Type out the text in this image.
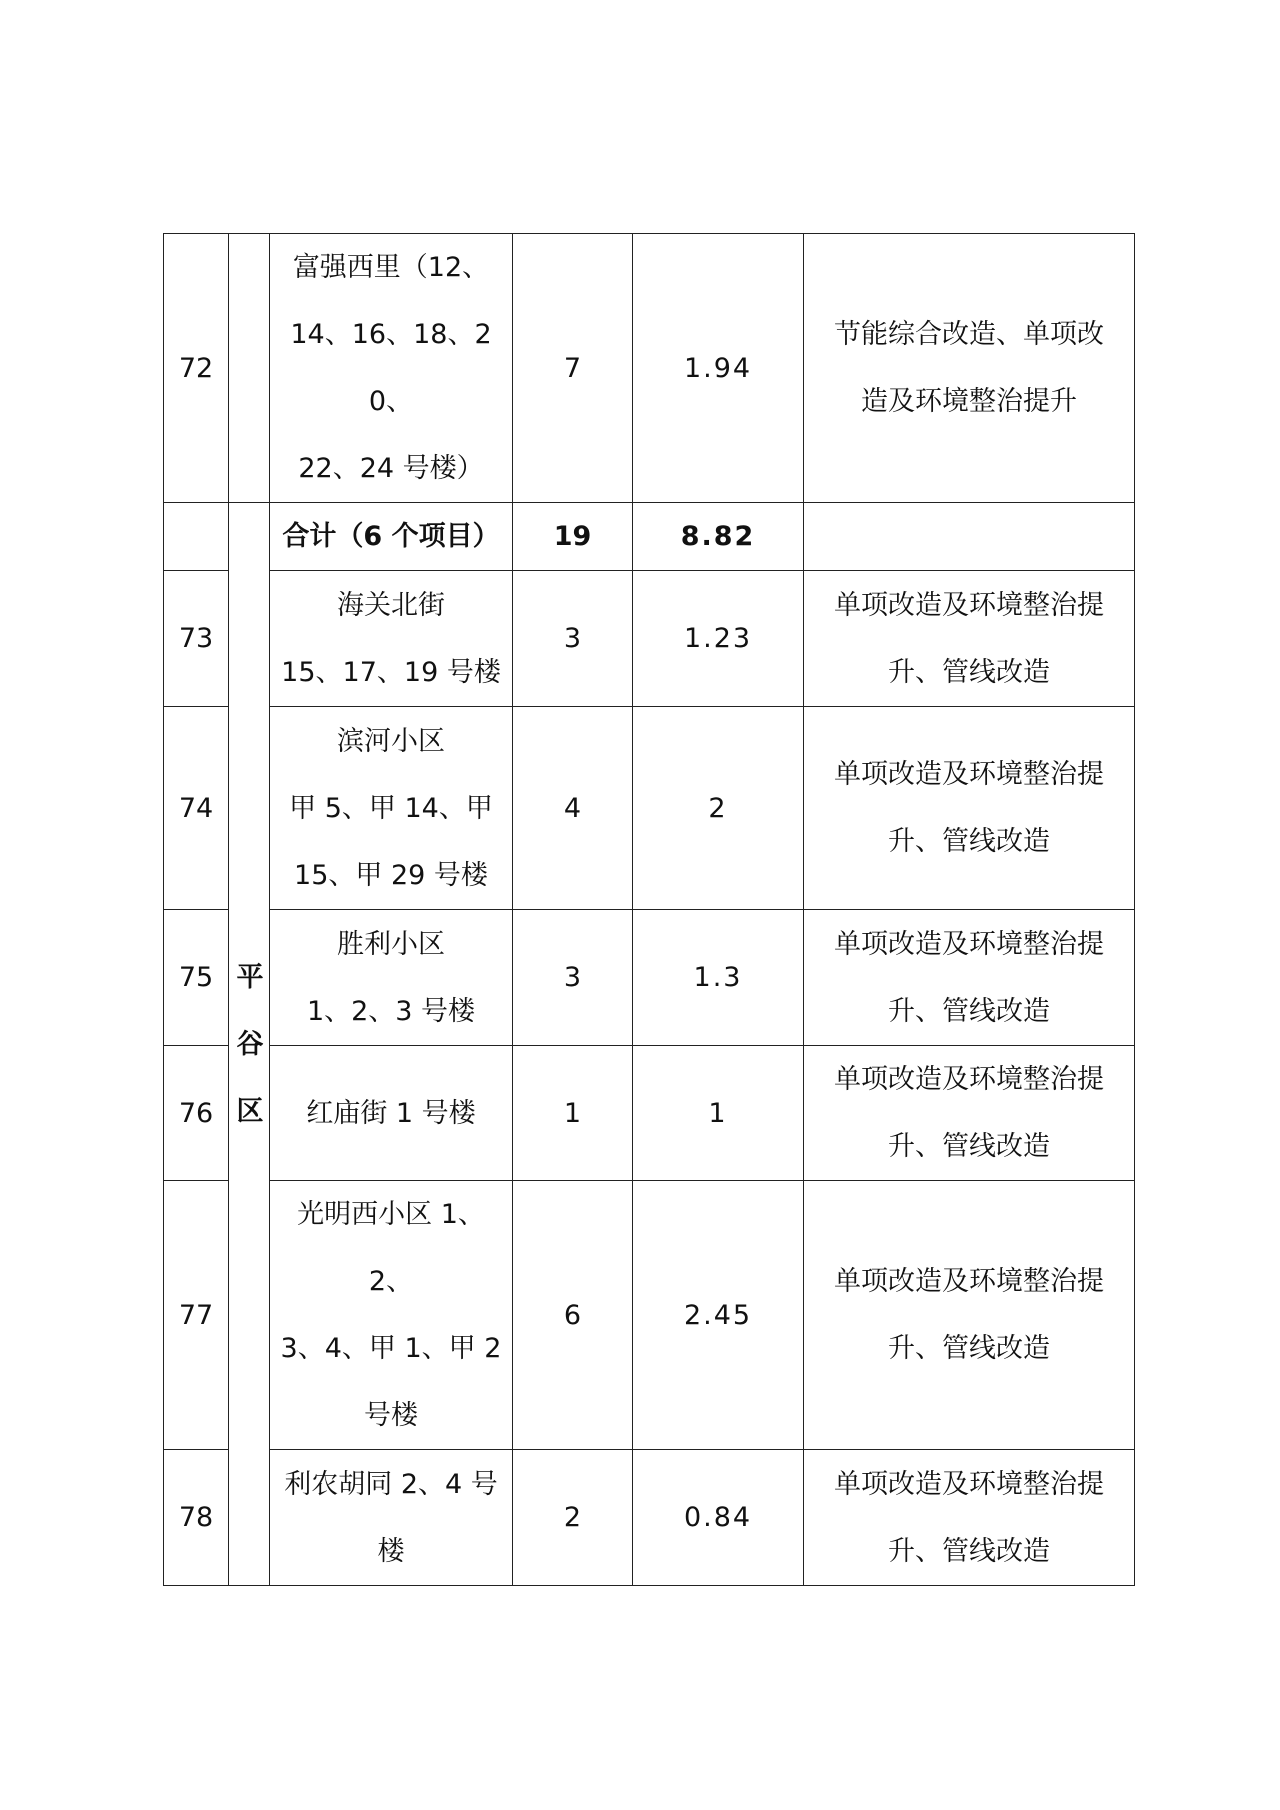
72		富强西里（12、
14、16、18、20、
22、24 号楼）	7	1.94	节能综合改造、单项改
造及环境整治提升

	平谷区	合计（6 个项目）	19	8.82	
73		海关北街
15、17、19 号楼	3	1.23	单项改造及环境整治提
升、管线改造

74		滨河小区
甲 5、甲 14、甲
15、甲 29 号楼	4	2	单项改造及环境整治提
升、管线改造

75		胜利小区
1、2、3 号楼	3	1.3	单项改造及环境整治提
升、管线改造

76		红庙街 1 号楼	1	1	单项改造及环境整治提
升、管线改造

77		光明西小区 1、2、
3、4、甲 1、甲 2
号楼	6	2.45	单项改造及环境整治提
升、管线改造

78		利农胡同 2、4 号
楼	2	0.84	单项改造及环境整治提
升、管线改造
